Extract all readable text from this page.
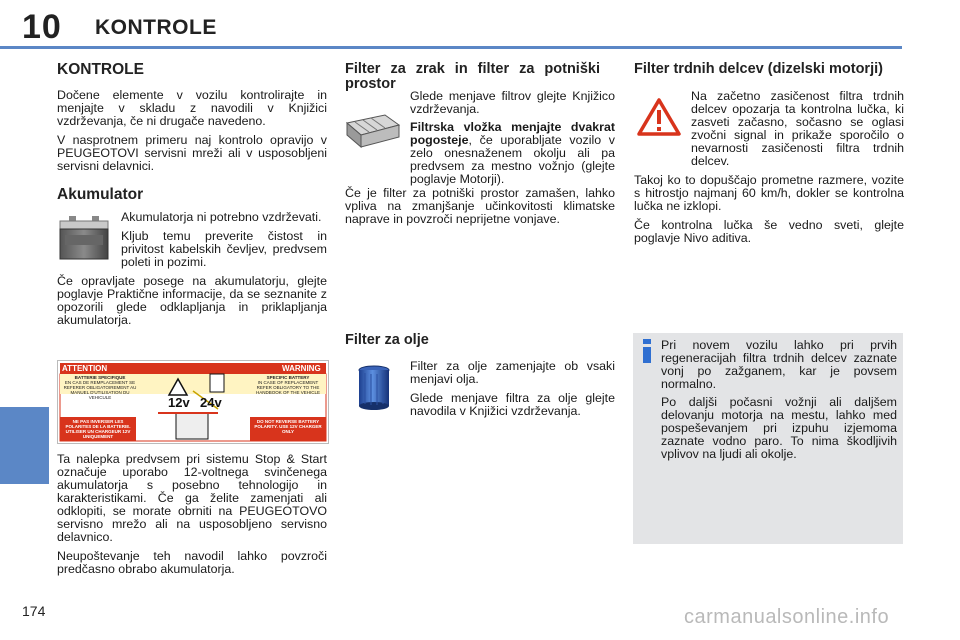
10 KONTROLE
KONTROLE

Dočene elemente v vozilu kontrolirajte in menjajte v skladu z navodili v Knjižici vzdrževanja, če ni drugače navedeno.

V nasprotnem primeru naj kontrolo opravijo v PEUGEOTOVI servisni mreži ali v usposobljeni servisni delavnici.

Akumulator

Akumulatorja ni potrebno vzdrževati.

Kljub temu preverite čistost in privitost kabelskih čevljev, predvsem poleti in pozimi.

Če opravljate posege na akumulatorju, glejte poglavje Praktične informacije, da se seznanite z opozorili glede odklapljanja in priklapljanja akumulatorja.

ATTENTION	WARNING
BATTERIE SPECIFIQUE
EN CAS DE REMPLACEMENT SE REFERER OBLIGATOIREMENT AU MANUEL D'UTILISATION DU VEHICULE
SPECIFIC BATTERY
IN CASE OF REPLACEMENT REFER OBLIGATORY TO THE HANDBOOK OF THE VEHICLE
12v 24v
NE PAS INVERSER LES POLARITES DE LA BATTERIE. UTILISER UN CHARGEUR 12V UNIQUEMENT
DO NOT REVERSE BATTERY POLARITY. USE 12V CHARGER ONLY

Ta nalepka predvsem pri sistemu Stop & Start označuje uporabo 12-voltnega svinčenega akumulatorja s posebno tehnologijo in karakteristikami. Če ga želite zamenjati ali odklopiti, se morate obrniti na PEUGEOTOVO servisno mrežo ali na usposobljeno servisno delavnico.

Neupoštevanje teh navodil lahko povzroči predčasno obrabo akumulatorja.

Filter za zrak in filter za potniški prostor

Glede menjave filtrov glejte Knjižico vzdrževanja.

Filtrska vložka menjajte dvakrat pogosteje, če uporabljate vozilo v zelo onesnaženem okolju ali pa predvsem za mestno vožnjo (glejte poglavje Motorji).

Če je filter za potniški prostor zamašen, lahko vpliva na zmanjšanje učinkovitosti klimatske naprave in povzroči neprijetne vonjave.

Filter za olje

Filter za olje zamenjajte ob vsaki menjavi olja.

Glede menjave filtra za olje glejte navodila v Knjižici vzdrževanja.

Filter trdnih delcev (dizelski motorji)

Na začetno zasičenost filtra trdnih delcev opozarja ta kontrolna lučka, ki zasveti začasno, sočasno se oglasi zvočni signal in prikaže sporočilo o nevarnosti zasičenosti filtra trdnih delcev.

Takoj ko to dopuščajo prometne razmere, vozite s hitrostjo najmanj 60 km/h, dokler se kontrolna lučka ne izklopi.

Če kontrolna lučka še vedno sveti, glejte poglavje Nivo aditiva.

Pri novem vozilu lahko pri prvih regeneracijah filtra trdnih delcev zaznate vonj po zažganem, kar je povsem normalno.

Po daljši počasni vožnji ali daljšem delovanju motorja na mestu, lahko med pospeševanjem pri izpuhu izjemoma zaznate vodno paro. To nima škodljivih vplivov na ljudi ali okolje.

174	carmanualsonline.info
